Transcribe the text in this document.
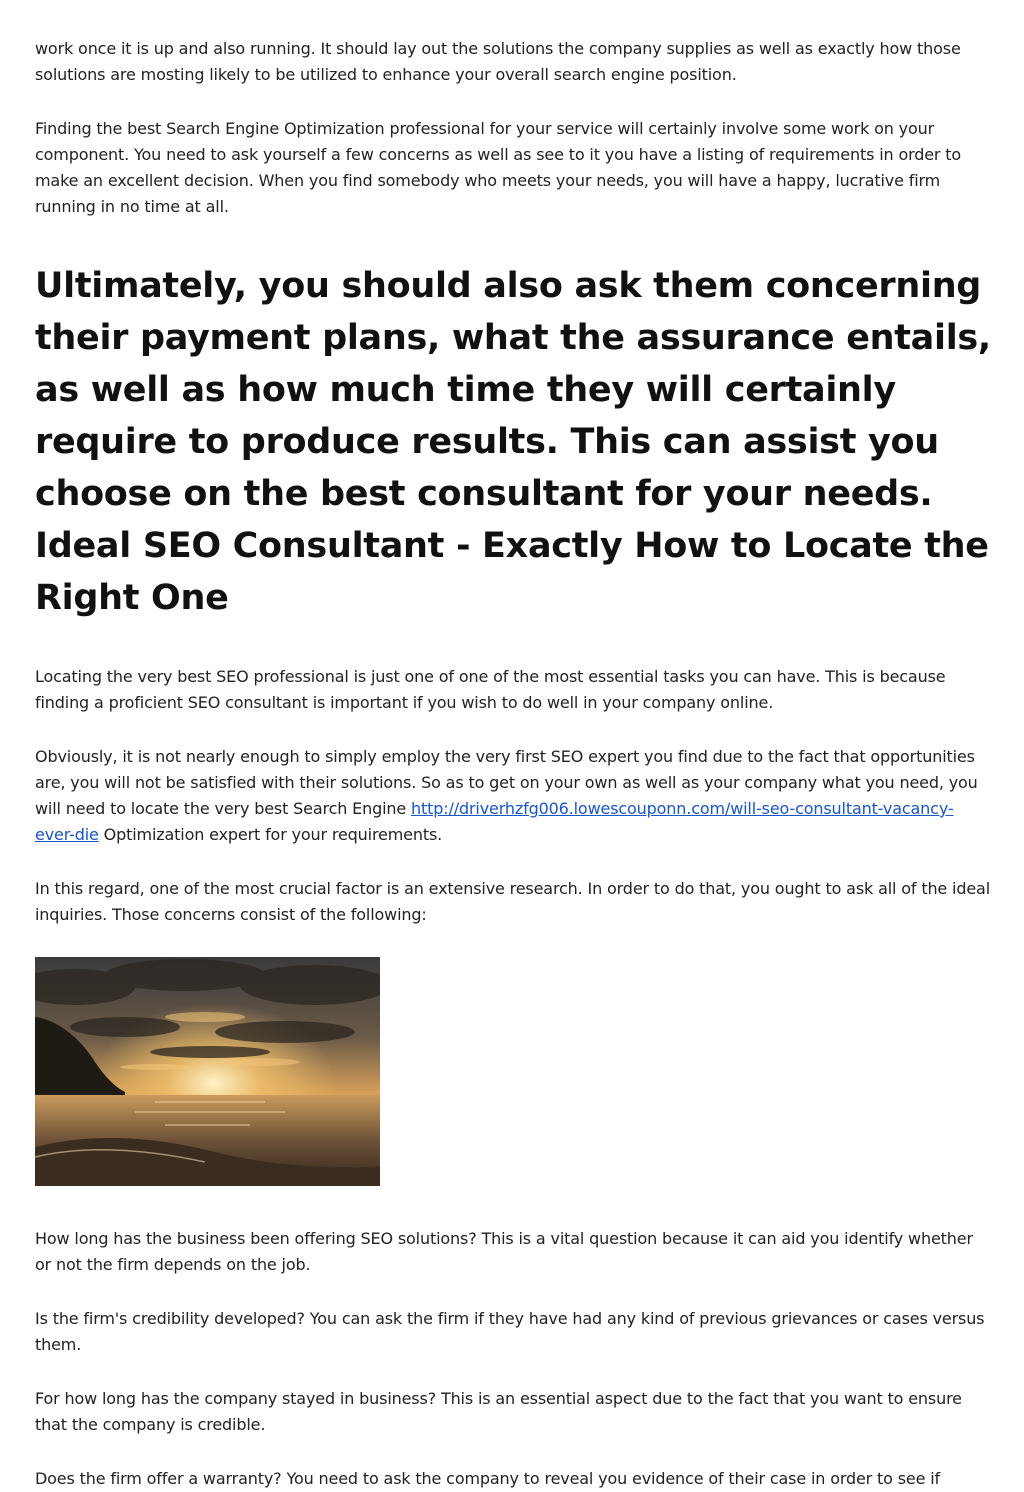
work once it is up and also running. It should lay out the solutions the company supplies as well as exactly how those solutions are mosting likely to be utilized to enhance your overall search engine position.

Finding the best Search Engine Optimization professional for your service will certainly involve some work on your component. You need to ask yourself a few concerns as well as see to it you have a listing of requirements in order to make an excellent decision. When you find somebody who meets your needs, you will have a happy, lucrative firm running in no time at all.

Ultimately, you should also ask them concerning their payment plans, what the assurance entails, as well as how much time they will certainly require to produce results. This can assist you choose on the best consultant for your needs. Ideal SEO Consultant - Exactly How to Locate the Right One

Locating the very best SEO professional is just one of one of the most essential tasks you can have. This is because finding a proficient SEO consultant is important if you wish to do well in your company online.

Obviously, it is not nearly enough to simply employ the very first SEO expert you find due to the fact that opportunities are, you will not be satisfied with their solutions. So as to get on your own as well as your company what you need, you will need to locate the very best Search Engine http://driverhzfg006.lowescouponn.com/will-seo-consultant-vacancy-ever-die Optimization expert for your requirements.

In this regard, one of the most crucial factor is an extensive research. In order to do that, you ought to ask all of the ideal inquiries. Those concerns consist of the following:

How long has the business been offering SEO solutions? This is a vital question because it can aid you identify whether or not the firm depends on the job.

Is the firm's credibility developed? You can ask the firm if they have had any kind of previous grievances or cases versus them.

For how long has the company stayed in business? This is an essential aspect due to the fact that you want to ensure that the company is credible.

Does the firm offer a warranty? You need to ask the company to reveal you evidence of their case in order to see if
